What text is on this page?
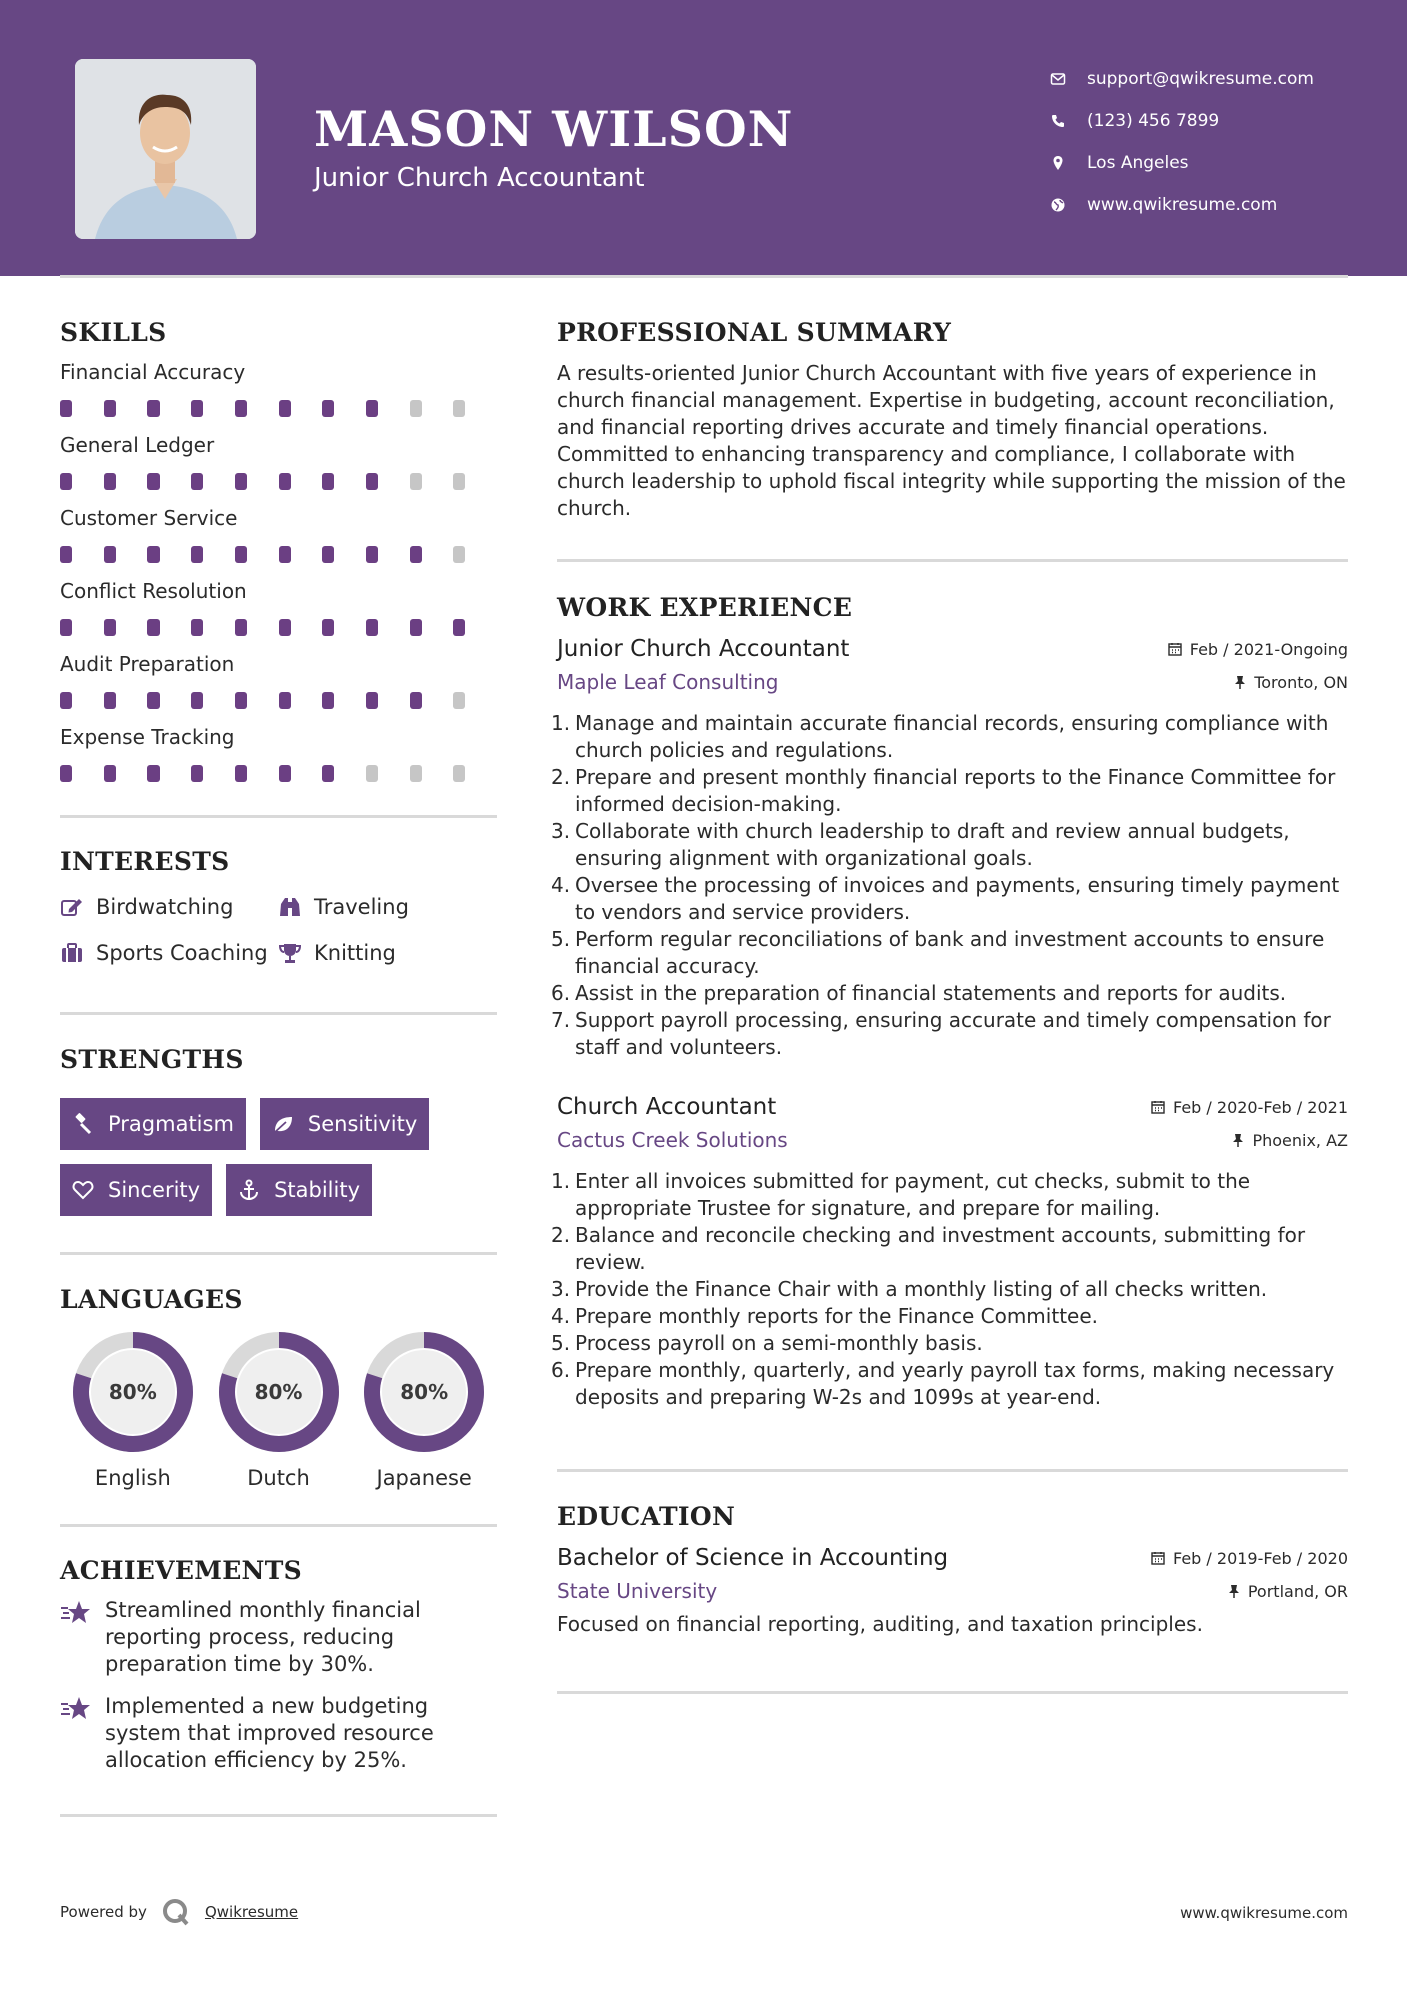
MASON WILSON
Junior Church Accountant
support@qwikresume.com
(123) 456 7899
Los Angeles
www.qwikresume.com
SKILLS
Financial Accuracy
General Ledger
Customer Service
Conflict Resolution
Audit Preparation
Expense Tracking
INTERESTS
Birdwatching	Traveling
Sports Coaching Knitting
STRENGTHS
Pragmatism	Sensitivity
Sincerity	Stability
LANGUAGES
80%
English
80%
Dutch
80%
Japanese
ACHIEVEMENTS
Streamlined monthly financial reporting process, reducing preparation time by 30%.
Implemented a new budgeting system that improved resource allocation efficiency by 25%.
PROFESSIONAL SUMMARY
A results-oriented Junior Church Accountant with five years of experience in church financial management. Expertise in budgeting, account reconciliation, and financial reporting drives accurate and timely financial operations. Committed to enhancing transparency and compliance, I collaborate with church leadership to uphold fiscal integrity while supporting the mission of the church.
WORK EXPERIENCE
Junior Church Accountant	Feb / 2021-Ongoing
Maple Leaf Consulting	Toronto, ON
1. Manage and maintain accurate financial records, ensuring compliance with church policies and regulations.
2. Prepare and present monthly financial reports to the Finance Committee for informed decision-making.
3. Collaborate with church leadership to draft and review annual budgets, ensuring alignment with organizational goals.
4. Oversee the processing of invoices and payments, ensuring timely payment to vendors and service providers.
5. Perform regular reconciliations of bank and investment accounts to ensure financial accuracy.
6. Assist in the preparation of financial statements and reports for audits.
7. Support payroll processing, ensuring accurate and timely compensation for staff and volunteers.
Church Accountant	Feb / 2020-Feb / 2021
Cactus Creek Solutions	Phoenix, AZ
1. Enter all invoices submitted for payment, cut checks, submit to the appropriate Trustee for signature, and prepare for mailing.
2. Balance and reconcile checking and investment accounts, submitting for review.
3. Provide the Finance Chair with a monthly listing of all checks written.
4. Prepare monthly reports for the Finance Committee.
5. Process payroll on a semi-monthly basis.
6. Prepare monthly, quarterly, and yearly payroll tax forms, making necessary deposits and preparing W-2s and 1099s at year-end.
EDUCATION
Bachelor of Science in Accounting	Feb / 2019-Feb / 2020
State University	Portland, OR
Focused on financial reporting, auditing, and taxation principles.
Powered by	Qwikresume	www.qwikresume.com
